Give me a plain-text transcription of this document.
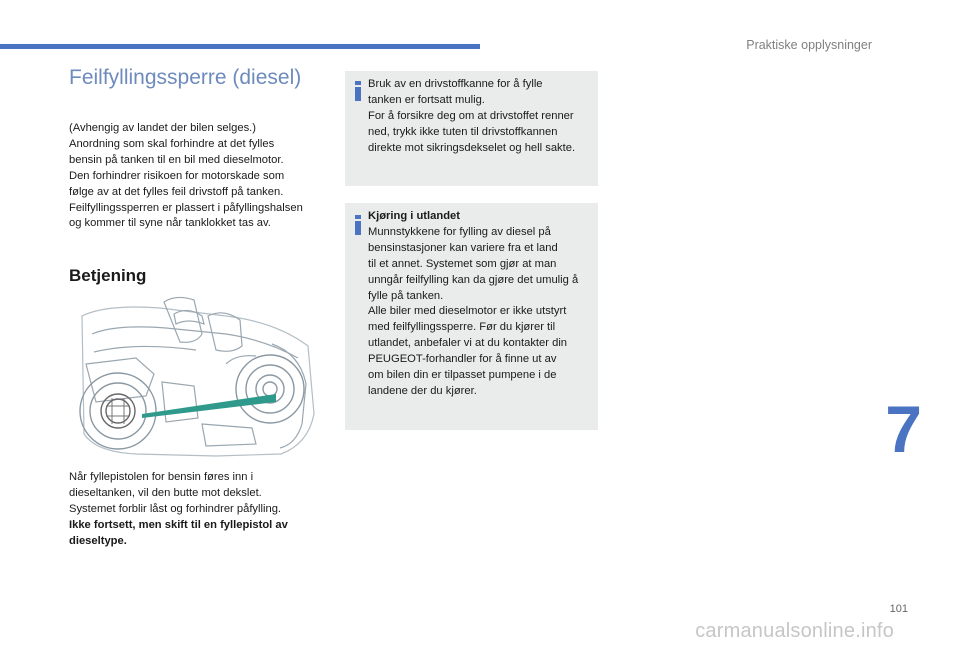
Praktiske opplysninger
7
Feilfyllingssperre (diesel)

(Avhengig av landet der bilen selges.)

Anordning som skal forhindre at det fylles

bensin på tanken til en bil med dieselmotor.

Den forhindrer risikoen for motorskade som

følge av at det fylles feil drivstoff på tanken.

Feilfyllingssperren er plassert i påfyllingshalsen

og kommer til syne når tanklokket tas av.

Betjening

Når fyllepistolen for bensin føres inn i

dieseltanken, vil den butte mot dekslet.

Systemet forblir låst og forhindrer påfylling.

Ikke fortsett, men skift til en fyllepistol av

dieseltype.

Bruk av en drivstoffkanne for å fylle

tanken er fortsatt mulig.

For å forsikre deg om at drivstoffet renner

ned, trykk ikke tuten til drivstoffkannen

direkte mot sikringsdekselet og hell sakte.

Kjøring i utlandet

Munnstykkene for fylling av diesel på

bensinstasjoner kan variere fra et land

til et annet. Systemet som gjør at man

unngår feilfylling kan da gjøre det umulig å

fylle på tanken.

Alle biler med dieselmotor er ikke utstyrt

med feilfyllingssperre. Før du kjører til

utlandet, anbefaler vi at du kontakter din

PEUGEOT-forhandler for å finne ut av

om bilen din er tilpasset pumpene i de

landene der du kjører.

101
carmanualsonline.info
